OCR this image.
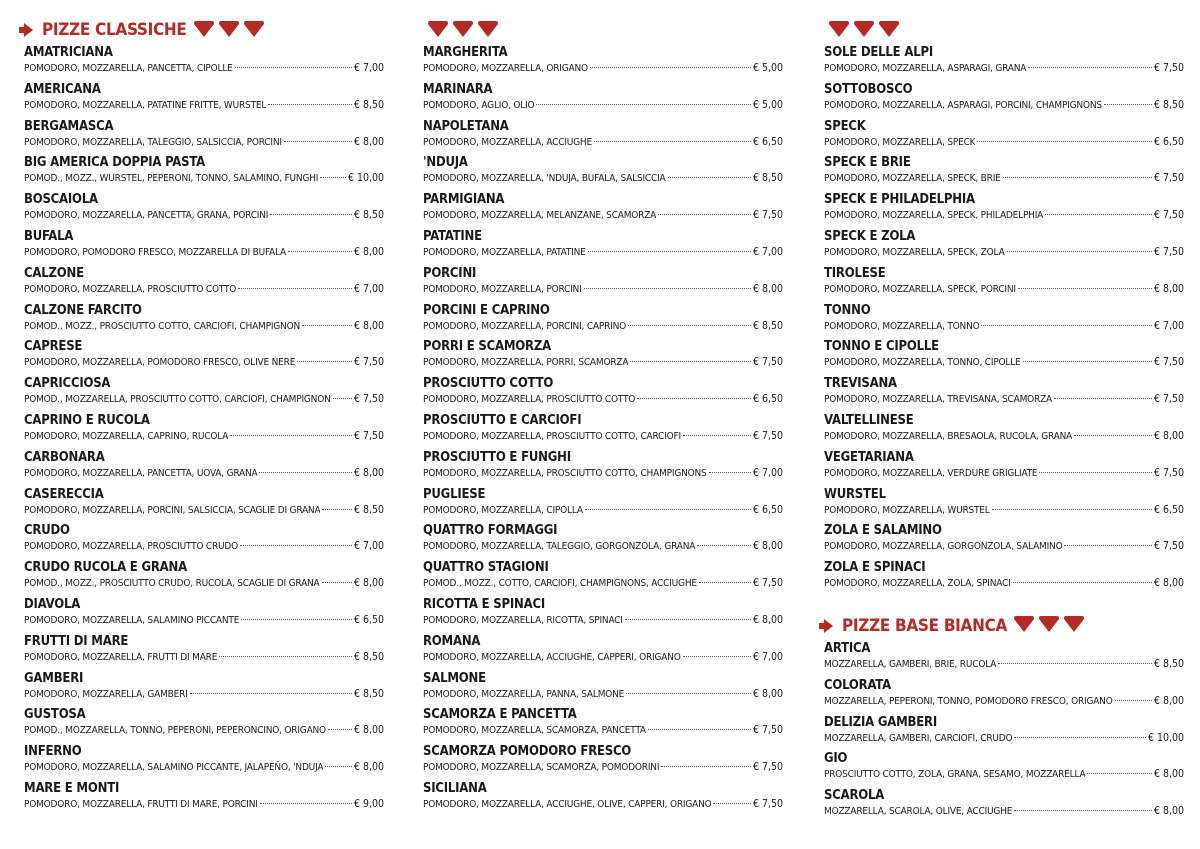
PIZZE CLASSICHE
AMATRICIANA
POMODORO, MOZZARELLA, PANCETTA, CIPOLLE	€ 7,00
AMERICANA
POMODORO, MOZZARELLA, PATATINE FRITTE, WURSTEL	€ 8,50
BERGAMASCA
POMODORO, MOZZARELLA, TALEGGIO, SALSICCIA, PORCINI	€ 8,00
BIG AMERICA DOPPIA PASTA
POMOD., MOZZ., WURSTEL, PEPERONI, TONNO, SALAMINO, FUNGHI	€ 10,00
BOSCAIOLA
POMODORO, MOZZARELLA, PANCETTA, GRANA, PORCINI	€ 8,50
BUFALA
POMODORO, POMODORO FRESCO, MOZZARELLA DI BUFALA	€ 8,00
CALZONE
POMODORO, MOZZARELLA, PROSCIUTTO COTTO	€ 7,00
CALZONE FARCITO
POMOD., MOZZ., PROSCIUTTO COTTO, CARCIOFI, CHAMPIGNON	€ 8,00
CAPRESE
POMODORO, MOZZARELLA, POMODORO FRESCO, OLIVE NERE	€ 7,50
CAPRICCIOSA
POMOD., MOZZARELLA, PROSCIUTTO COTTO, CARCIOFI, CHAMPIGNON € 7,50
CAPRINO E RUCOLA
POMODORO, MOZZARELLA, CAPRINO, RUCOLA	€ 7,50
CARBONARA
POMODORO, MOZZARELLA, PANCETTA, UOVA, GRANA	€ 8,00
CASERECCIA
POMODORO, MOZZARELLA, PORCINI, SALSICCIA, SCAGLIE DI GRANA	€ 8,50
CRUDO
POMODORO, MOZZARELLA, PROSCIUTTO CRUDO	€ 7,00
CRUDO RUCOLA E GRANA
POMOD., MOZZ., PROSCIUTTO CRUDO, RUCOLA, SCAGLIE DI GRANA	€ 8,00
DIAVOLA
POMODORO, MOZZARELLA, SALAMINO PICCANTE	€ 6,50
FRUTTI DI MARE
POMODORO, MOZZARELLA, FRUTTI DI MARE	€ 8,50
GAMBERI
POMODORO, MOZZARELLA, GAMBERI	€ 8,50
GUSTOSA
POMOD., MOZZARELLA, TONNO, PEPERONI, PEPERONCINO, ORIGANO	€ 8,00
INFERNO
POMODORO, MOZZARELLA, SALAMINO PICCANTE, JALAPEÑO, 'NDUJA	€ 8,00
MARE E MONTI
POMODORO, MOZZARELLA, FRUTTI DI MARE, PORCINI	€ 9,00
MARGHERITA
POMODORO, MOZZARELLA, ORIGANO	€ 5,00
MARINARA
POMODORO, AGLIO, OLIO	€ 5,00
NAPOLETANA
POMODORO, MOZZARELLA, ACCIUGHE	€ 6,50
'NDUJA
POMODORO, MOZZARELLA, 'NDUJA, BUFALA, SALSICCIA	€ 8,50
PARMIGIANA
POMODORO, MOZZARELLA, MELANZANE, SCAMORZA	€ 7,50
PATATINE
POMODORO, MOZZARELLA, PATATINE	€ 7,00
PORCINI
POMODORO, MOZZARELLA, PORCINI	€ 8,00
PORCINI E CAPRINO
POMODORO, MOZZARELLA, PORCINI, CAPRINO	€ 8,50
PORRI E SCAMORZA
POMODORO, MOZZARELLA, PORRI, SCAMORZA	€ 7,50
PROSCIUTTO COTTO
POMODORO, MOZZARELLA, PROSCIUTTO COTTO	€ 6,50
PROSCIUTTO E CARCIOFI
POMODORO, MOZZARELLA, PROSCIUTTO COTTO, CARCIOFI	€ 7,50
PROSCIUTTO E FUNGHI
POMODORO, MOZZARELLA, PROSCIUTTO COTTO, CHAMPIGNONS	€ 7,00
PUGLIESE
POMODORO, MOZZARELLA, CIPOLLA	€ 6,50
QUATTRO FORMAGGI
POMODORO, MOZZARELLA, TALEGGIO, GORGONZOLA, GRANA	€ 8,00
QUATTRO STAGIONI
POMOD., MOZZ., COTTO, CARCIOFI, CHAMPIGNONS, ACCIUGHE	€ 7,50
RICOTTA E SPINACI
POMODORO, MOZZARELLA, RICOTTA, SPINACI	€ 8,00
ROMANA
POMODORO, MOZZARELLA, ACCIUGHE, CAPPERI, ORIGANO	€ 7,00
SALMONE
POMODORO, MOZZARELLA, PANNA, SALMONE	€ 8,00
SCAMORZA E PANCETTA
POMODORO, MOZZARELLA, SCAMORZA, PANCETTA	€ 7,50
SCAMORZA POMODORO FRESCO
POMODORO, MOZZARELLA, SCAMORZA, POMODORINI	€ 7,50
SICILIANA
POMODORO, MOZZARELLA, ACCIUGHE, OLIVE, CAPPERI, ORIGANO	€ 7,50
SOLE DELLE ALPI
POMODORO, MOZZARELLA, ASPARAGI, GRANA	€ 7,50
SOTTOBOSCO
POMODORO, MOZZARELLA, ASPARAGI, PORCINI, CHAMPIGNONS	€ 8,50
SPECK
POMODORO, MOZZARELLA, SPECK	€ 6,50
SPECK E BRIE
POMODORO, MOZZARELLA, SPECK, BRIE	€ 7,50
SPECK E PHILADELPHIA
POMODORO, MOZZARELLA, SPECK, PHILADELPHIA	€ 7,50
SPECK E ZOLA
POMODORO, MOZZARELLA, SPECK, ZOLA	€ 7,50
TIROLESE
POMODORO, MOZZARELLA, SPECK, PORCINI	€ 8,00
TONNO
POMODORO, MOZZARELLA, TONNO	€ 7,00
TONNO E CIPOLLE
POMODORO, MOZZARELLA, TONNO, CIPOLLE	€ 7,50
TREVISANA
POMODORO, MOZZARELLA, TREVISANA, SCAMORZA	€ 7,50
VALTELLINESE
POMODORO, MOZZARELLA, BRESAOLA, RUCOLA, GRANA	€ 8,00
VEGETARIANA
POMODORO, MOZZARELLA, VERDURE GRIGLIATE	€ 7,50
WURSTEL
POMODORO, MOZZARELLA, WURSTEL	€ 6,50
ZOLA E SALAMINO
POMODORO, MOZZARELLA, GORGONZOLA, SALAMINO	€ 7,50
ZOLA E SPINACI
POMODORO, MOZZARELLA, ZOLA, SPINACI	€ 8,00
PIZZE BASE BIANCA
ARTICA
MOZZARELLA, GAMBERI, BRIE, RUCOLA	€ 8,50
COLORATA
MOZZARELLA, PEPERONI, TONNO, POMODORO FRESCO, ORIGANO	€ 8,00
DELIZIA GAMBERI
MOZZARELLA, GAMBERI, CARCIOFI, CRUDO	€ 10,00
GIO
PROSCIUTTO COTTO, ZOLA, GRANA, SESAMO, MOZZARELLA	€ 8,00
SCAROLA
MOZZARELLA, SCAROLA, OLIVE, ACCIUGHE	€ 8,00
